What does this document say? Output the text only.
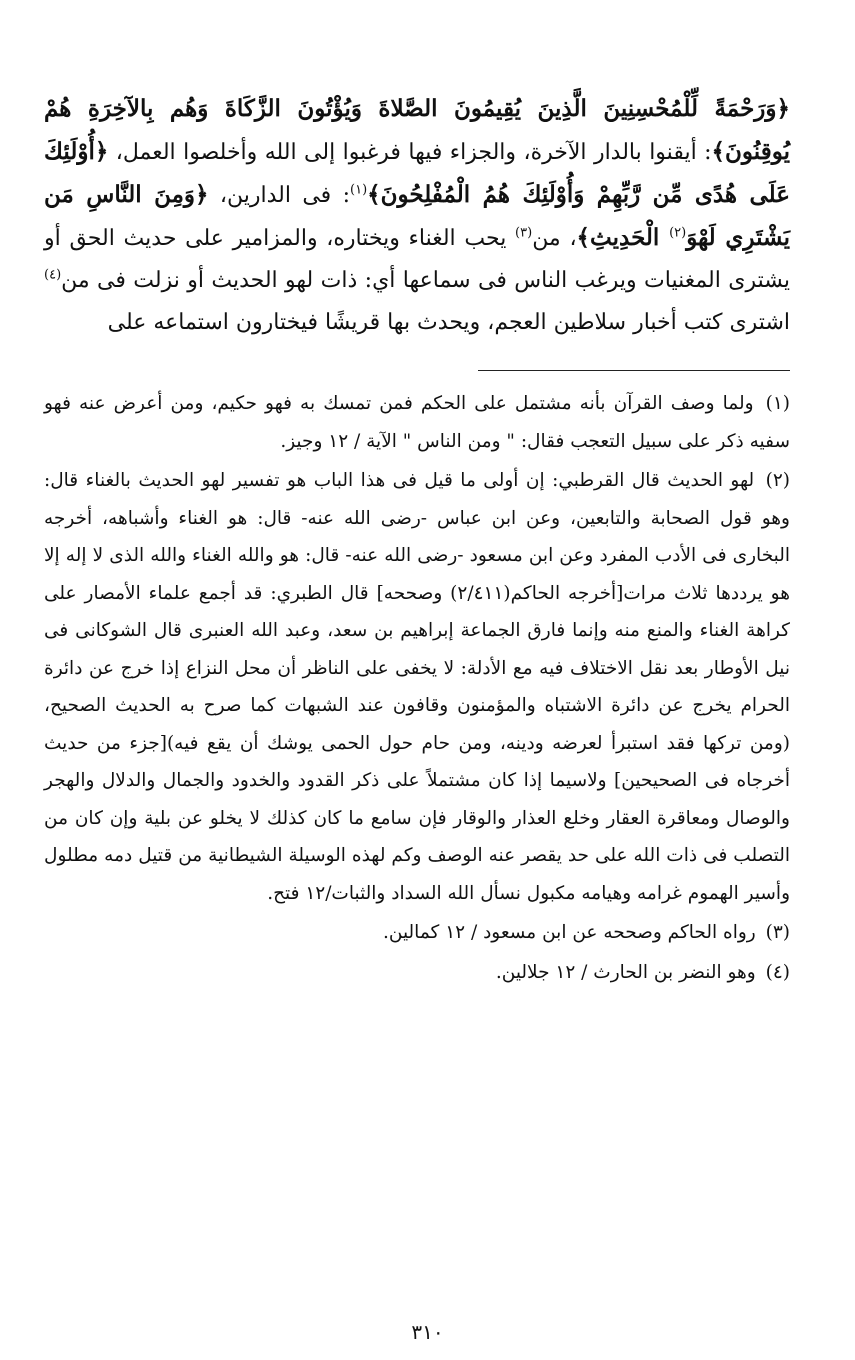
﴿وَرَحْمَةً لِّلْمُحْسِنِينَ الَّذِينَ يُقِيمُونَ الصَّلاةَ وَيُؤْتُونَ الزَّكَاةَ وَهُم بِالآخِرَةِ هُمْ يُوقِنُونَ﴾: أيقنوا بالدار الآخرة، والجزاء فيها فرغبوا إلى الله وأخلصوا العمل، ﴿أُوْلَئِكَ عَلَى هُدًى مِّن رَّبِّهِمْ وَأُوْلَئِكَ هُمُ الْمُفْلِحُونَ﴾$^{(١)}$: فى الدارين، ﴿وَمِنَ النَّاسِ مَن يَشْتَرِي لَهْوَ$^{(٢)}$ الْحَدِيثِ﴾، من$^{(٣)}$ يحب الغناء ويختاره، والمزامير على حديث الحق أو يشترى المغنيات ويرغب الناس فى سماعها أي: ذات لهو الحديث أو نزلت فى من$^{(٤)}$ اشترى كتب أخبار سلاطين العجم، ويحدث بها قريشًا فيختارون استماعه على

(١) ولما وصف القرآن بأنه مشتمل على الحكم فمن تمسك به فهو حكيم، ومن أعرض عنه فهو سفيه ذكر على سبيل التعجب فقال: " ومن الناس " الآية / ١٢ وجيز.

(٢) لهو الحديث قال القرطبي: إن أولى ما قيل فى هذا الباب هو تفسير لهو الحديث بالغناء قال: وهو قول الصحابة والتابعين، وعن ابن عباس -رضى الله عنه- قال: هو الغناء وأشباهه، أخرجه البخارى فى الأدب المفرد وعن ابن مسعود -رضى الله عنه- قال: هو والله الغناء والله الذى لا إله إلا هو يرددها ثلاث مرات[أخرجه الحاكم(٢/٤١١) وصححه] قال الطبري: قد أجمع علماء الأمصار على كراهة الغناء والمنع منه وإنما فارق الجماعة إبراهيم بن سعد، وعبد الله العنبرى قال الشوكانى فى نيل الأوطار بعد نقل الاختلاف فيه مع الأدلة: لا يخفى على الناظر أن محل النزاع إذا خرج عن دائرة الحرام يخرج عن دائرة الاشتباه والمؤمنون وقافون عند الشبهات كما صرح به الحديث الصحيح، (ومن تركها فقد استبرأ لعرضه ودينه، ومن حام حول الحمى يوشك أن يقع فيه)[جزء من حديث أخرجاه فى الصحيحين] ولاسيما إذا كان مشتملاً على ذكر القدود والخدود والجمال والدلال والهجر والوصال ومعاقرة العقار وخلع العذار والوقار فإن سامع ما كان كذلك لا يخلو عن بلية وإن كان من التصلب فى ذات الله على حد يقصر عنه الوصف وكم لهذه الوسيلة الشيطانية من قتيل دمه مطلول وأسير الهموم غرامه وهيامه مكبول نسأل الله السداد والثبات/١٢ فتح.

(٣) رواه الحاكم وصححه عن ابن مسعود / ١٢ كمالين.

(٤) وهو النضر بن الحارث / ١٢ جلالين.

٣١٠
